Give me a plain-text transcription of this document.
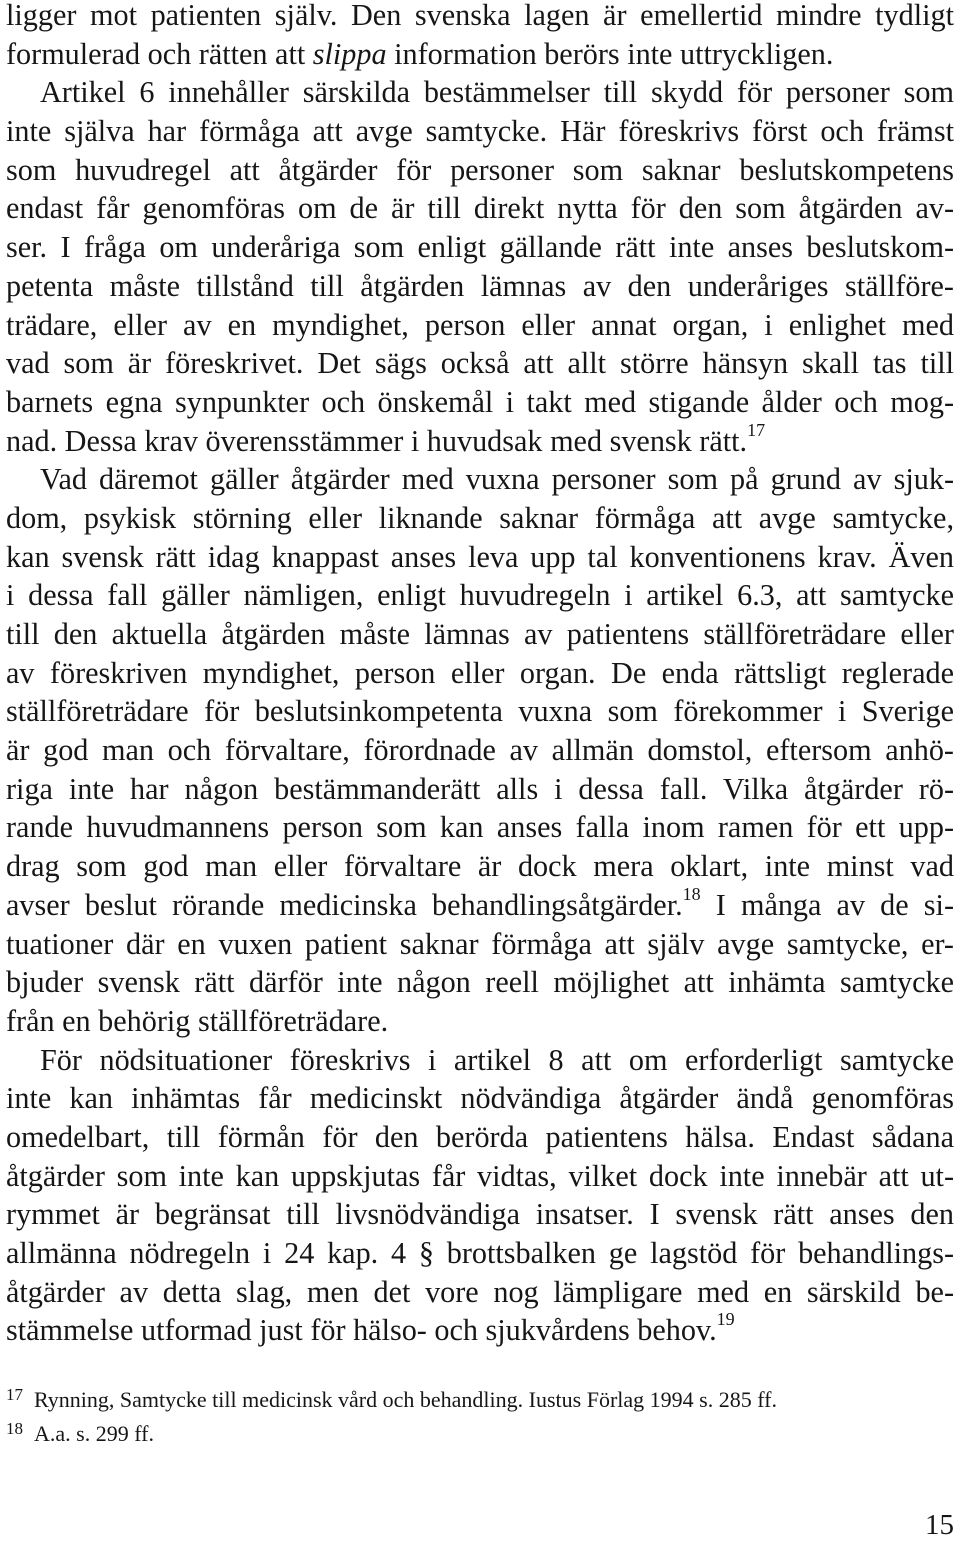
ligger mot patienten själv. Den svenska lagen är emellertid mindre tydligt
formulerad och rätten att slippa information berörs inte uttryckligen.
Artikel 6 innehåller särskilda bestämmelser till skydd för personer som
inte själva har förmåga att avge samtycke. Här föreskrivs först och främst
som huvudregel att åtgärder för personer som saknar beslutskompetens
endast får genomföras om de är till direkt nytta för den som åtgärden av-
ser. I fråga om underåriga som enligt gällande rätt inte anses beslutskom-
petenta måste tillstånd till åtgärden lämnas av den underåriges ställföre-
trädare, eller av en myndighet, person eller annat organ, i enlighet med
vad som är föreskrivet. Det sägs också att allt större hänsyn skall tas till
barnets egna synpunkter och önskemål i takt med stigande ålder och mog-
nad. Dessa krav överensstämmer i huvudsak med svensk rätt.$^{17}$
Vad däremot gäller åtgärder med vuxna personer som på grund av sjuk-
dom, psykisk störning eller liknande saknar förmåga att avge samtycke,
kan svensk rätt idag knappast anses leva upp tal konventionens krav. Även
i dessa fall gäller nämligen, enligt huvudregeln i artikel 6.3, att samtycke
till den aktuella åtgärden måste lämnas av patientens ställföreträdare eller
av föreskriven myndighet, person eller organ. De enda rättsligt reglerade
ställföreträdare för beslutsinkompetenta vuxna som förekommer i Sverige
är god man och förvaltare, förordnade av allmän domstol, eftersom anhö-
riga inte har någon bestämmanderätt alls i dessa fall. Vilka åtgärder rö-
rande huvudmannens person som kan anses falla inom ramen för ett upp-
drag som god man eller förvaltare är dock mera oklart, inte minst vad
avser beslut rörande medicinska behandlingsåtgärder.$^{18}$ I många av de si-
tuationer där en vuxen patient saknar förmåga att själv avge samtycke, er-
bjuder svensk rätt därför inte någon reell möjlighet att inhämta samtycke
från en behörig ställföreträdare.
För nödsituationer föreskrivs i artikel 8 att om erforderligt samtycke
inte kan inhämtas får medicinskt nödvändiga åtgärder ändå genomföras
omedelbart, till förmån för den berörda patientens hälsa. Endast sådana
åtgärder som inte kan uppskjutas får vidtas, vilket dock inte innebär att ut-
rymmet är begränsat till livsnödvändiga insatser. I svensk rätt anses den
allmänna nödregeln i 24 kap. 4 § brottsbalken ge lagstöd för behandlings-
åtgärder av detta slag, men det vore nog lämpligare med en särskild be-
stämmelse utformad just för hälso- och sjukvårdens behov.$^{19}$
17 Rynning, Samtycke till medicinsk vård och behandling. Iustus Förlag 1994 s. 285 ff.
18 A.a. s. 299 ff.
15
